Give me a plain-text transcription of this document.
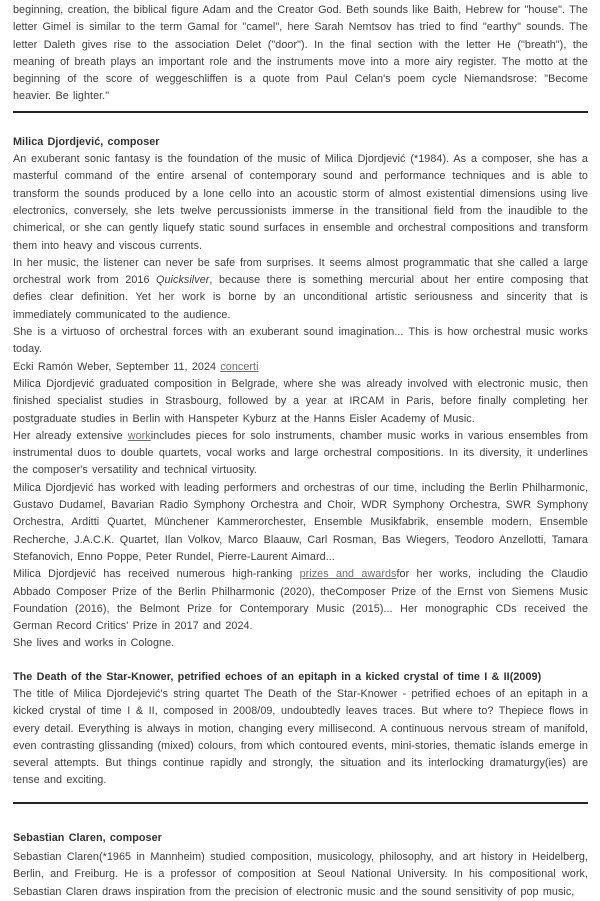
beginning, creation, the biblical figure Adam and the Creator God. Beth sounds like Baith, Hebrew for "house". The letter Gimel is similar to the term Gamal for "camel", here Sarah Nemtsov has tried to find "earthy" sounds. The letter Daleth gives rise to the association Delet ("door"). In the final section with the letter He ("breath"), the meaning of breath plays an important role and the instruments move into a more airy register. The motto at the beginning of the score of weggeschliffen is a quote from Paul Celan's poem cycle Niemandsrose: "Become heavier. Be lighter."

Milica Djordjević, composer

An exuberant sonic fantasy is the foundation of the music of Milica Djordjević (*1984). As a composer, she has a masterful command of the entire arsenal of contemporary sound and performance techniques and is able to transform the sounds produced by a lone cello into an acoustic storm of almost existential dimensions using live electronics, conversely, she lets twelve percussionists immerse in the transitional field from the inaudible to the chimerical, or she can gently liquefy static sound surfaces in ensemble and orchestral compositions and transform them into heavy and viscous currents.

In her music, the listener can never be safe from surprises. It seems almost programmatic that she called a large orchestral work from 2016 Quicksilver, because there is something mercurial about her entire composing that defies clear definition. Yet her work is borne by an unconditional artistic seriousness and sincerity that is immediately communicated to the audience.

She is a virtuoso of orchestral forces with an exuberant sound imagination... This is how orchestral music works today.

Ecki Ramón Weber, September 11, 2024 concerti

Milica Djordjević graduated composition in Belgrade, where she was already involved with electronic music, then finished specialist studies in Strasbourg, followed by a year at IRCAM in Paris, before finally completing her postgraduate studies in Berlin with Hanspeter Kyburz at the Hanns Eisler Academy of Music.

Her already extensive workincludes pieces for solo instruments, chamber music works in various ensembles from instrumental duos to double quartets, vocal works and large orchestral compositions. In its diversity, it underlines the composer's versatility and technical virtuosity.

Milica Djordjević has worked with leading performers and orchestras of our time, including the Berlin Philharmonic, Gustavo Dudamel, Bavarian Radio Symphony Orchestra and Choir, WDR Symphony Orchestra, SWR Symphony Orchestra, Arditti Quartet, Münchener Kammerorchester, Ensemble Musikfabrik, ensemble modern, Ensemble Recherche, J.A.C.K. Quartet, Ilan Volkov, Marco Blaauw, Carl Rosman, Bas Wiegers, Teodoro Anzellotti, Tamara Stefanovich, Enno Poppe, Peter Rundel, Pierre-Laurent Aimard...

Milica Djordjević has received numerous high-ranking prizes and awardsfor her works, including the Claudio Abbado Composer Prize of the Berlin Philharmonic (2020), theComposer Prize of the Ernst von Siemens Music Foundation (2016), the Belmont Prize for Contemporary Music (2015)... Her monographic CDs received the German Record Critics' Prize in 2017 and 2024.

She lives and works in Cologne.

The Death of the Star-Knower, petrified echoes of an epitaph in a kicked crystal of time I & II(2009)

The title of Milica Djordejević's string quartet The Death of the Star-Knower - petrified echoes of an epitaph in a kicked crystal of time I & II, composed in 2008/09, undoubtedly leaves traces. But where to? Thepiece flows in every detail. Everything is always in motion, changing every millisecond. A continuous nervous stream of manifold, even contrasting glissanding (mixed) colours, from which contoured events, mini-stories, thematic islands emerge in several attempts. But things continue rapidly and strongly, the situation and its interlocking dramaturgy(ies) are tense and exciting.

Sebastian Claren, composer

Sebastian Claren(*1965 in Mannheim) studied composition, musicology, philosophy, and art history in Heidelberg, Berlin, and Freiburg. He is a professor of composition at Seoul National University. In his compositional work, Sebastian Claren draws inspiration from the precision of electronic music and the sound sensitivity of pop music,
